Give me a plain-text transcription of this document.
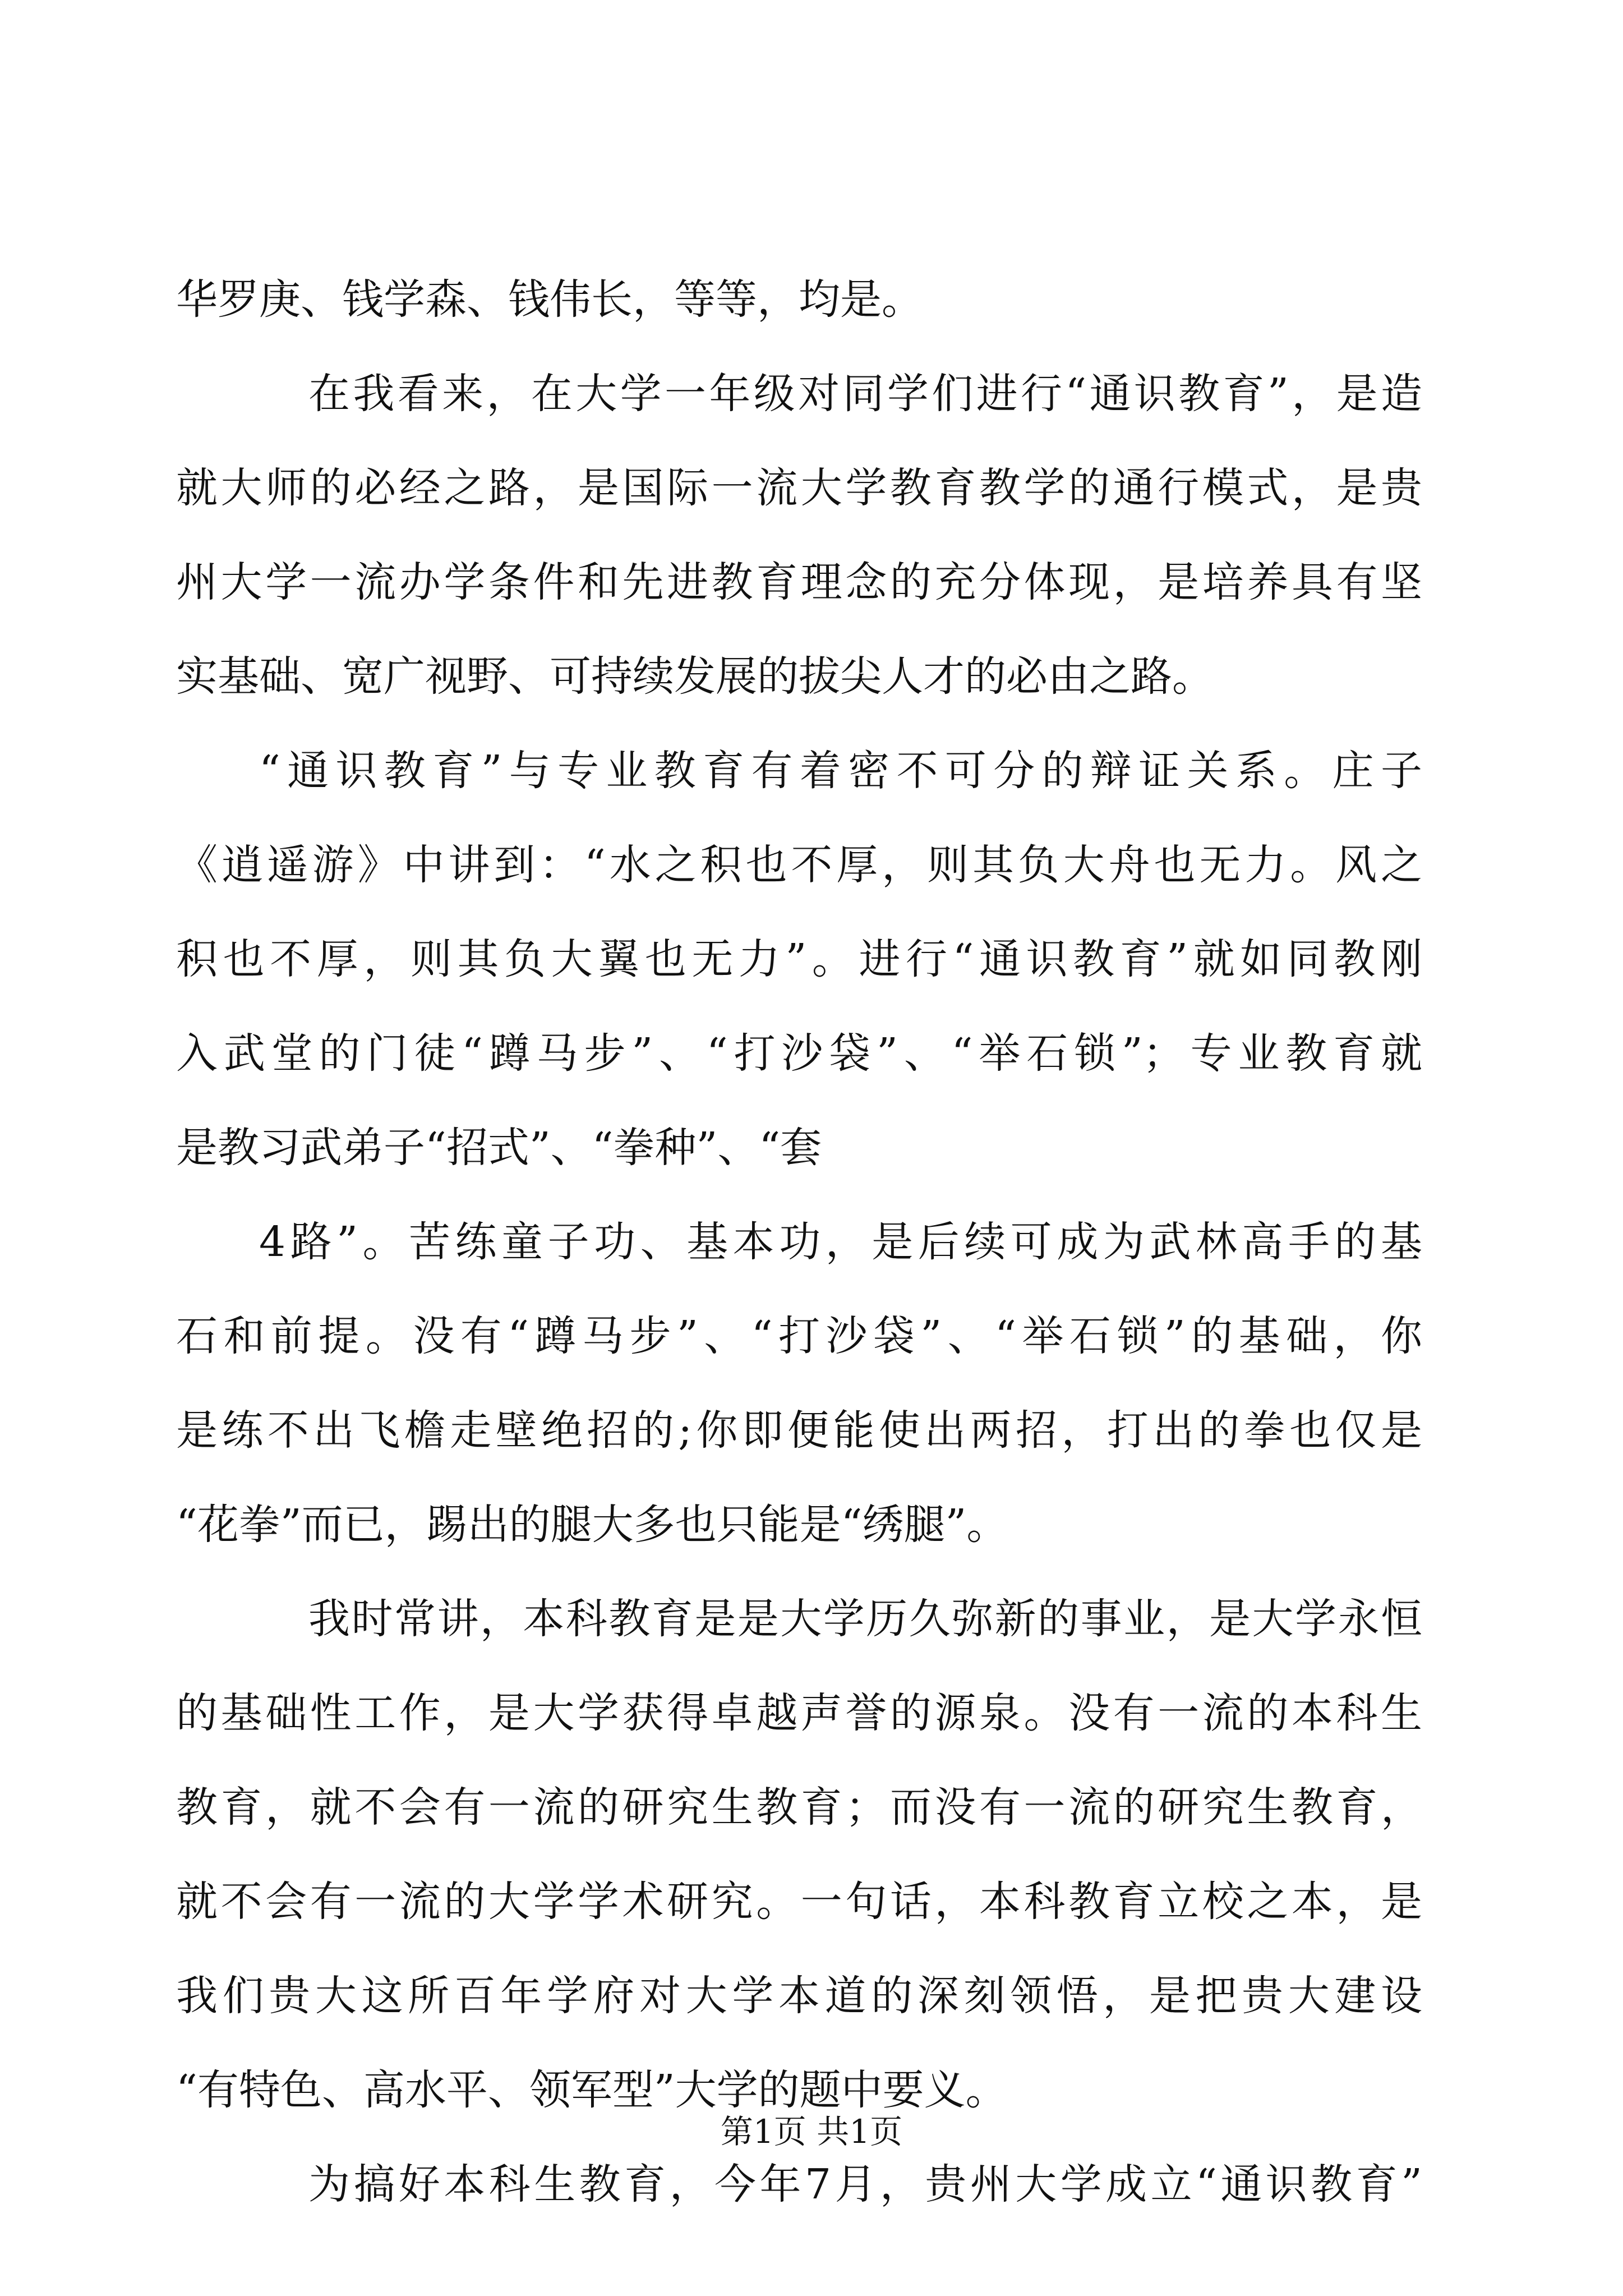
华罗庚、钱学森、钱伟长，等等，均是。
在我看来，在大学一年级对同学们进行“通识教育”，是造
就大师的必经之路，是国际一流大学教育教学的通行模式，是贵
州大学一流办学条件和先进教育理念的充分体现，是培养具有坚
实基础、宽广视野、可持续发展的拔尖人才的必由之路。
“通识教育”与专业教育有着密不可分的辩证关系。庄子
《逍遥游》中讲到：“水之积也不厚，则其负大舟也无力。风之
积也不厚，则其负大翼也无力”。进行“通识教育”就如同教刚
入武堂的门徒“蹲马步”、“打沙袋”、“举石锁”；专业教育就
是教习武弟子“招式”、“拳种”、“套
4路”。苦练童子功、基本功，是后续可成为武林高手的基
石和前提。没有“蹲马步”、“打沙袋”、“举石锁”的基础，你
是练不出飞檐走壁绝招的;你即便能使出两招，打出的拳也仅是
“花拳”而已，踢出的腿大多也只能是“绣腿”。
我时常讲，本科教育是是大学历久弥新的事业，是大学永恒
的基础性工作，是大学获得卓越声誉的源泉。没有一流的本科生
教育，就不会有一流的研究生教育；而没有一流的研究生教育，
就不会有一流的大学学术研究。一句话，本科教育立校之本，是
我们贵大这所百年学府对大学本道的深刻领悟，是把贵大建设
“有特色、高水平、领军型”大学的题中要义。
为搞好本科生教育，今年7月，贵州大学成立“通识教育”
第1页 共1页
